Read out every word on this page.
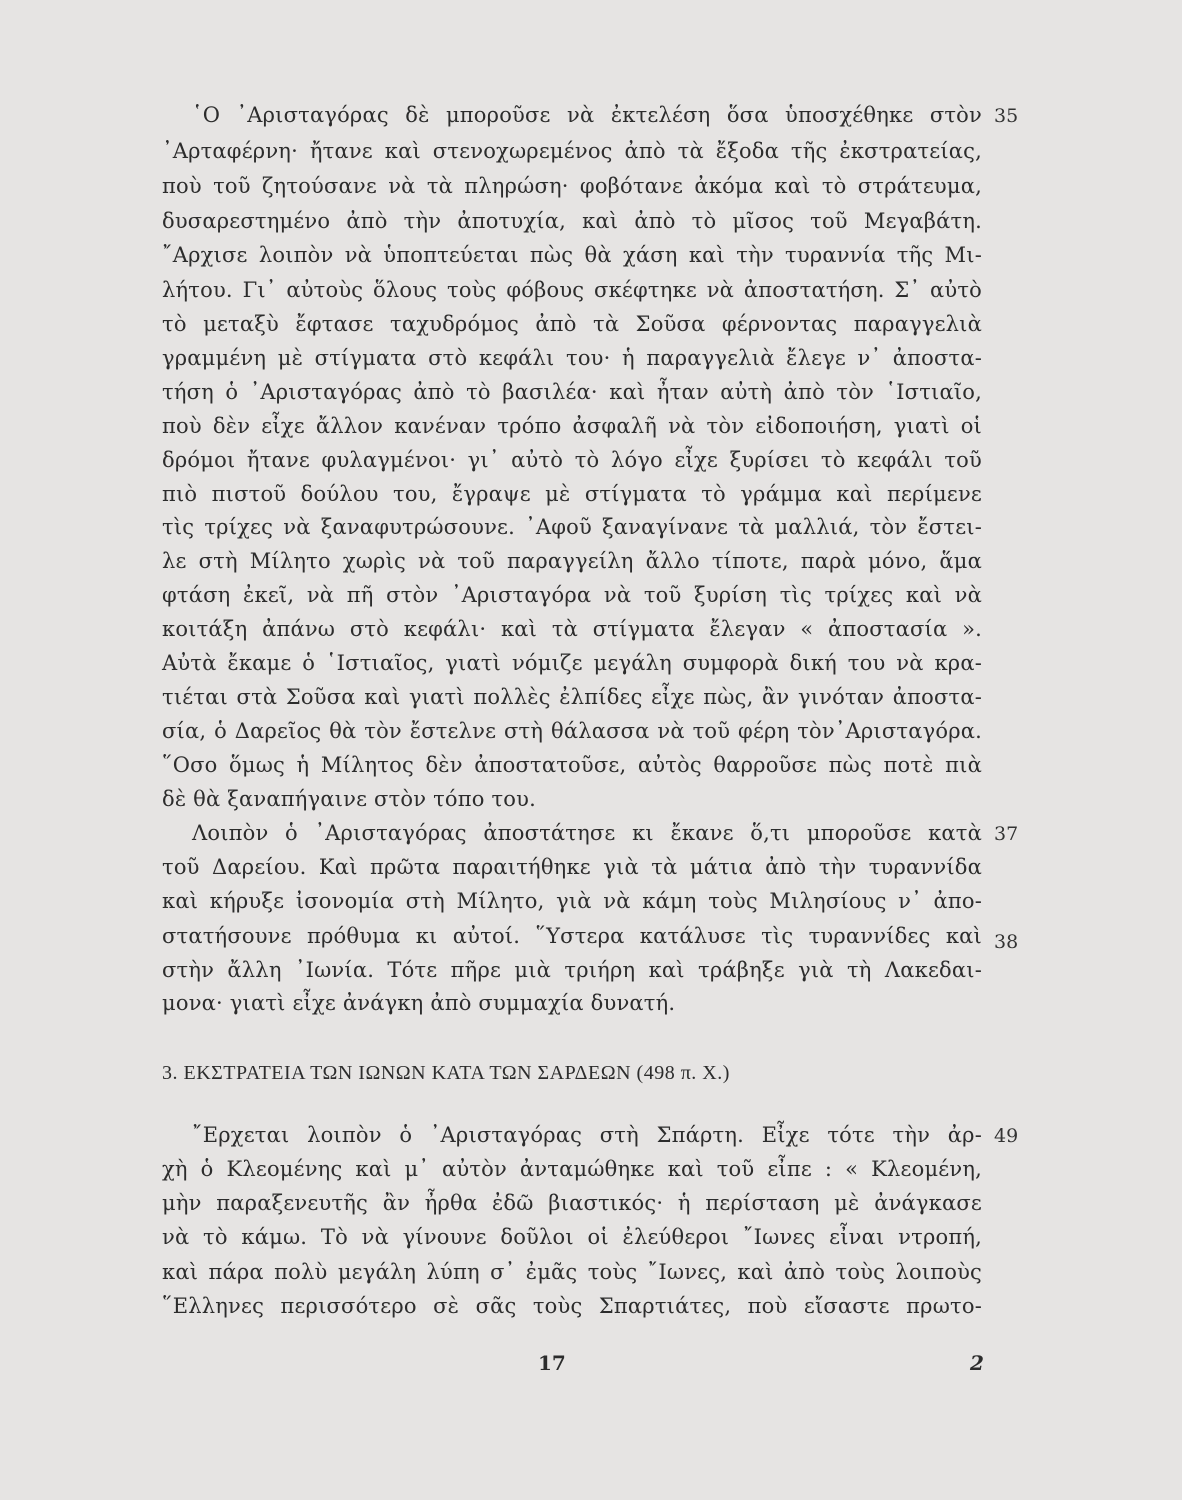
῾Ο ᾿Αρισταγόρας δὲ μποροῦσε νὰ ἐκτελέση ὅσα ὑποσχέθηκε στὸν
᾿Αρταφέρνη· ἤτανε καὶ στενοχωρεμένος ἀπὸ τὰ ἔξοδα τῆς ἐκστρατείας,
ποὺ τοῦ ζητούσανε νὰ τὰ πληρώση· φοβότανε ἀκόμα καὶ τὸ στράτευμα,
δυσαρεστημένο ἀπὸ τὴν ἀποτυχία, καὶ ἀπὸ τὸ μῖσος τοῦ Μεγαβάτη.
῎Αρχισε λοιπὸν νὰ ὑποπτεύεται πὼς θὰ χάση καὶ τὴν τυραννία τῆς Μι-
λήτου. Γι᾿ αὐτοὺς ὅλους τοὺς φόβους σκέφτηκε νὰ ἀποστατήση. Σ᾿ αὐτὸ
τὸ μεταξὺ ἔφτασε ταχυδρόμος ἀπὸ τὰ Σοῦσα φέρνοντας παραγγελιὰ
γραμμένη μὲ στίγματα στὸ κεφάλι του· ἡ παραγγελιὰ ἔλεγε ν᾿ ἀποστα-
τήση ὁ ᾿Αρισταγόρας ἀπὸ τὸ βασιλέα· καὶ ἦταν αὐτὴ ἀπὸ τὸν ῾Ιστιαῖο,
ποὺ δὲν εἶχε ἄλλον κανέναν τρόπο ἀσφαλῆ νὰ τὸν εἰδοποιήση, γιατὶ οἱ
δρόμοι ἤτανε φυλαγμένοι· γι᾿ αὐτὸ τὸ λόγο εἶχε ξυρίσει τὸ κεφάλι τοῦ
πιὸ πιστοῦ δούλου του, ἔγραψε μὲ στίγματα τὸ γράμμα καὶ περίμενε
τὶς τρίχες νὰ ξαναφυτρώσουνε. ᾿Αφοῦ ξαναγίνανε τὰ μαλλιά, τὸν ἔστει-
λε στὴ Μίλητο χωρὶς νὰ τοῦ παραγγείλη ἄλλο τίποτε, παρὰ μόνο, ἅμα
φτάση ἐκεῖ, νὰ πῆ στὸν ᾿Αρισταγόρα νὰ τοῦ ξυρίση τὶς τρίχες καὶ νὰ
κοιτάξη ἀπάνω στὸ κεφάλι· καὶ τὰ στίγματα ἔλεγαν « ἀποστασία ».
Αὐτὰ ἔκαμε ὁ ῾Ιστιαῖος, γιατὶ νόμιζε μεγάλη συμφορὰ δική του νὰ κρα-
τιέται στὰ Σοῦσα καὶ γιατὶ πολλὲς ἐλπίδες εἶχε πὼς, ἂν γινόταν ἀποστα-
σία, ὁ Δαρεῖος θὰ τὸν ἔστελνε στὴ θάλασσα νὰ τοῦ φέρη τὸν᾿Αρισταγόρα.
῞Οσο ὅμως ἡ Μίλητος δὲν ἀποστατοῦσε, αὐτὸς θαρροῦσε πὼς ποτὲ πιὰ
δὲ θὰ ξαναπήγαινε στὸν τόπο του.
Λοιπὸν ὁ ᾿Αρισταγόρας ἀποστάτησε κι ἔκανε ὅ,τι μποροῦσε κατὰ
τοῦ Δαρείου. Καὶ πρῶτα παραιτήθηκε γιὰ τὰ μάτια ἀπὸ τὴν τυραννίδα
καὶ κήρυξε ἰσονομία στὴ Μίλητο, γιὰ νὰ κάμη τοὺς Μιλησίους ν᾿ ἀπο-
στατήσουνε πρόθυμα κι αὐτοί. ῞Υστερα κατάλυσε τὶς τυραννίδες καὶ
στὴν ἄλλη ᾿Ιωνία. Τότε πῆρε μιὰ τριήρη καὶ τράβηξε γιὰ τὴ Λακεδαι-
μονα· γιατὶ εἶχε ἀνάγκη ἀπὸ συμμαχία δυνατή.
3. ΕΚΣΤΡΑΤΕΙΑ ΤΩΝ ΙΩΝΩΝ ΚΑΤΑ ΤΩΝ ΣΑΡΔΕΩΝ (498 π. Χ.)
῎Ερχεται λοιπὸν ὁ ᾿Αρισταγόρας στὴ Σπάρτη. Εἶχε τότε τὴν ἀρ-
χὴ ὁ Κλεομένης καὶ μ᾿ αὐτὸν ἀνταμώθηκε καὶ τοῦ εἶπε : « Κλεομένη,
μὴν παραξενευτῆς ἂν ἦρθα ἐδῶ βιαστικός· ἡ περίσταση μὲ ἀνάγκασε
νὰ τὸ κάμω. Τὸ νὰ γίνουνε δοῦλοι οἱ ἐλεύθεροι ῎Ιωνες εἶναι ντροπή,
καὶ πάρα πολὺ μεγάλη λύπη σ᾿ ἐμᾶς τοὺς ῎Ιωνες, καὶ ἀπὸ τοὺς λοιποὺς
῞Ελληνες περισσότερο σὲ σᾶς τοὺς Σπαρτιάτες, ποὺ εἴσαστε πρωτο-
35
37
38
49
17	2
